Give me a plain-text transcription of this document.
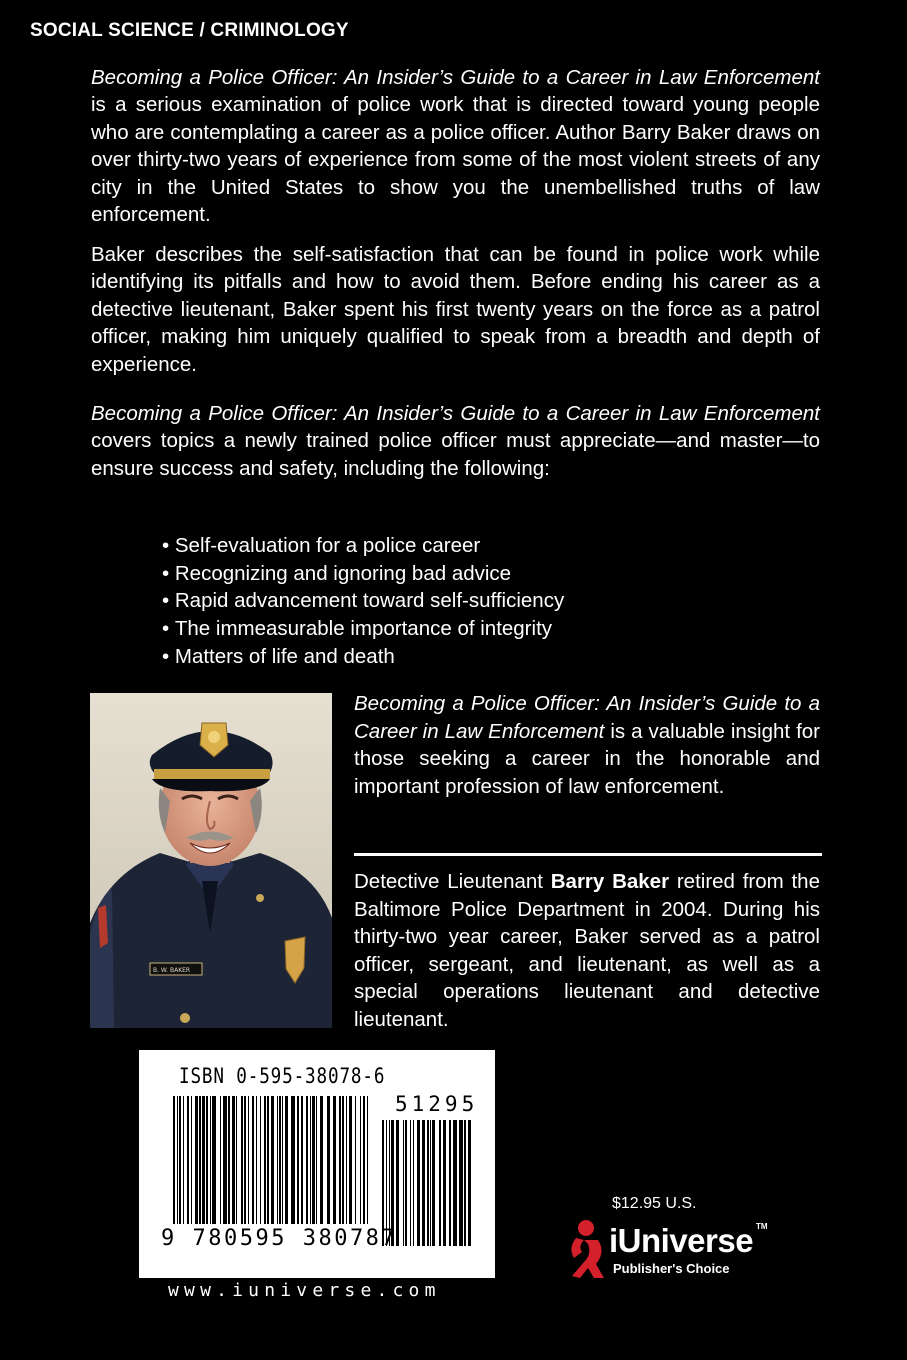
SOCIAL SCIENCE / CRIMINOLOGY

Becoming a Police Officer: An Insider’s Guide to a Career in Law Enforcement is a serious examination of police work that is directed toward young people who are contemplating a career as a police officer. Author Barry Baker draws on over thirty-two years of experience from some of the most violent streets of any city in the United States to show you the unembellished truths of law enforcement.

Baker describes the self-satisfaction that can be found in police work while identifying its pitfalls and how to avoid them. Before ending his career as a detective lieutenant, Baker spent his first twenty years on the force as a patrol officer, making him uniquely qualified to speak from a breadth and depth of experience.

Becoming a Police Officer: An Insider’s Guide to a Career in Law Enforcement covers topics a newly trained police officer must appreciate—and master—to ensure success and safety, including the following:

• Self-evaluation for a police career
• Recognizing and ignoring bad advice
• Rapid advancement toward self-sufficiency
• The immeasurable importance of integrity
• Matters of life and death
B. W. BAKER

Becoming a Police Officer: An Insider’s Guide to a Career in Law Enforcement is a valuable insight for those seeking a career in the honorable and important profession of law enforcement.

Detective Lieutenant Barry Baker retired from the Baltimore Police Department in 2004. During his thirty-two year career, Baker served as a patrol officer, sergeant, and lieutenant, as well as a special operations lieutenant and detective lieutenant.

ISBN 0-595-38078-6
51295
9 780595 380787
www.iuniverse.com
$12.95 U.S.
iUniverse TM
Publisher's Choice
